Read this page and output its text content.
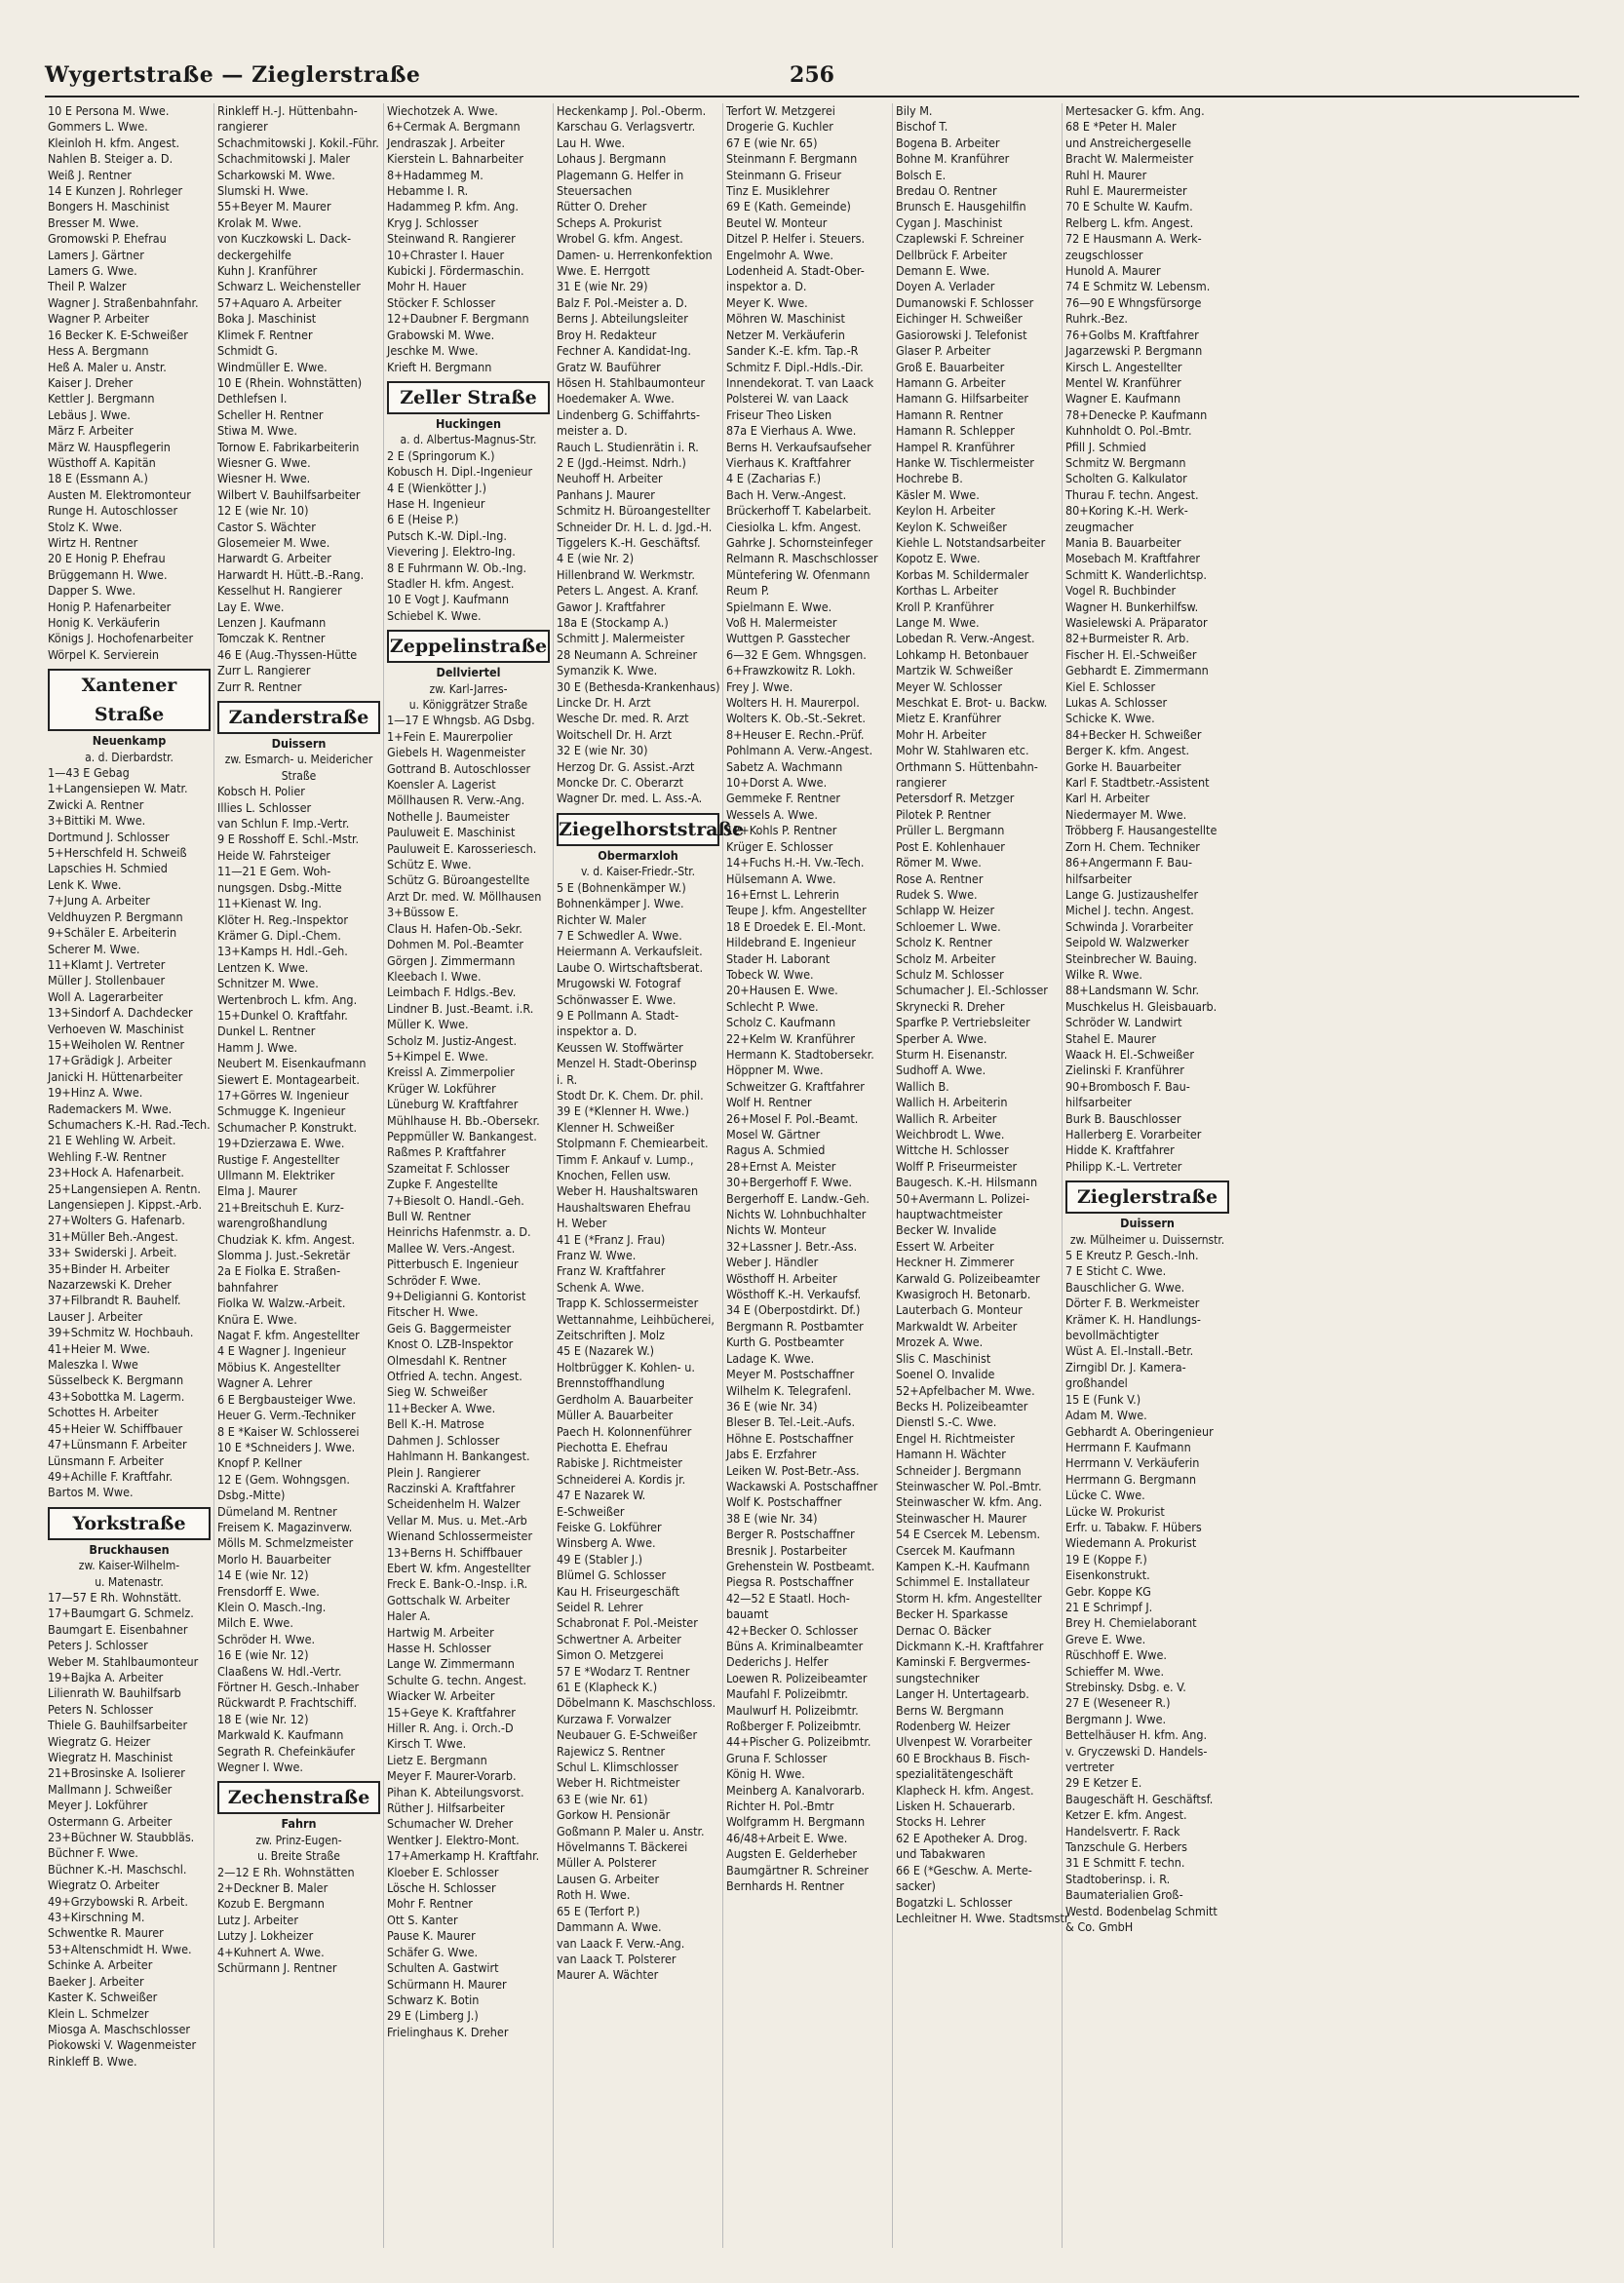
Wygertstraße — Zieglerstraße	256
10 E Persona M. Wwe.
Gommers L. Wwe.
Kleinloh H. kfm. Angest.
Nahlen B. Steiger a. D.
Weiß J. Rentner
14 E Kunzen J. Rohrleger
Bongers H. Maschinist
Bresser M. Wwe.
Gromowski P. Ehefrau
Lamers J. Gärtner
Lamers G. Wwe.
Theil P. Walzer
Wagner J. Straßenbahnfahr.
Wagner P. Arbeiter
16 Becker K. E-Schweißer
Hess A. Bergmann
Heß A. Maler u. Anstr.
Kaiser J. Dreher
Kettler J. Bergmann
Lebäus J. Wwe.
März F. Arbeiter
März W. Hauspflegerin
Wüsthoff A. Kapitän
18 E (Essmann A.)
Austen M. Elektromonteur
Runge H. Autoschlosser
Stolz K. Wwe.
Wirtz H. Rentner
20 E Honig P. Ehefrau
Brüggemann H. Wwe.
Dapper S. Wwe.
Honig P. Hafenarbeiter
Honig K. Verkäuferin
Königs J. Hochofenarbeiter
Wörpel K. Servierein
Xantener Straße
Neuenkamp
a. d. Dierbardstr.
1—43 E Gebag
1+Langensiepen W. Matr.
Zwicki A. Rentner
3+Bittiki M. Wwe.
Dortmund J. Schlosser
5+Herschfeld H. Schweiß
Lapschies H. Schmied
Lenk K. Wwe.
7+Jung A. Arbeiter
Veldhuyzen P. Bergmann
9+Schäler E. Arbeiterin
Scherer M. Wwe.
11+Klamt J. Vertreter
Müller J. Stollenbauer
Woll A. Lagerarbeiter
13+Sindorf A. Dachdecker
Verhoeven W. Maschinist
15+Weiholen W. Rentner
17+Grädigk J. Arbeiter
Janicki H. Hüttenarbeiter
19+Hinz A. Wwe.
Rademackers M. Wwe.
Schumachers K.-H. Rad.-Tech.
21 E Wehling W. Arbeit.
Wehling F.-W. Rentner
23+Hock A. Hafenarbeit.
25+Langensiepen A. Rentn.
Langensiepen J. Kippst.-Arb.
27+Wolters G. Hafenarb.
31+Müller Beh.-Angest.
33+ Swiderski J. Arbeit.
35+Binder H. Arbeiter
Nazarzewski K. Dreher
37+Filbrandt R. Bauhelf.
Lauser J. Arbeiter
39+Schmitz W. Hochbauh.
41+Heier M. Wwe.
Maleszka I. Wwe
Süsselbeck K. Bergmann
43+Sobottka M. Lagerm.
Schottes H. Arbeiter
45+Heier W. Schiffbauer
47+Lünsmann F. Arbeiter
Lünsmann F. Arbeiter
49+Achille F. Kraftfahr.
Bartos M. Wwe.
Yorkstraße
Bruckhausen
zw. Kaiser-Wilhelm-
u. Matenastr.
17—57 E Rh. Wohnstätt.
17+Baumgart G. Schmelz.
Baumgart E. Eisenbahner
Peters J. Schlosser
Weber M. Stahlbaumonteur
19+Bajka A. Arbeiter
Lilienrath W. Bauhilfsarb
Peters N. Schlosser
Thiele G. Bauhilfsarbeiter
Wiegratz G. Heizer
Wiegratz H. Maschinist
21+Brosinske A. Isolierer
Mallmann J. Schweißer
Meyer J. Lokführer
Ostermann G. Arbeiter
23+Büchner W. Staubbläs.
Büchner F. Wwe.
Büchner K.-H. Maschschl.
Wiegratz O. Arbeiter
49+Grzybowski R. Arbeit.
43+Kirschning M.
Schwentke R. Maurer
53+Altenschmidt H. Wwe.
Schinke A. Arbeiter
Baeker J. Arbeiter
Kaster K. Schweißer
Klein L. Schmelzer
Miosga A. Maschschlosser
Piokowski V. Wagenmeister
Rinkleff B. Wwe.
Rinkleff H.-J. Hüttenbahn-
rangierer
Schachmitowski J. Kokil.-Führ.
Schachmitowski J. Maler
Scharkowski M. Wwe.
Slumski H. Wwe.
55+Beyer M. Maurer
Krolak M. Wwe.
von Kuczkowski L. Dack-
deckergehilfe
Kuhn J. Kranführer
Schwarz L. Weichensteller
57+Aquaro A. Arbeiter
Boka J. Maschinist
Klimek F. Rentner
Schmidt G.
Windmüller E. Wwe.
10 E (Rhein. Wohnstätten)
Dethlefsen I.
Scheller H. Rentner
Stiwa M. Wwe.
Tornow E. Fabrikarbeiterin
Wiesner G. Wwe.
Wiesner H. Wwe.
Wilbert V. Bauhilfsarbeiter
12 E (wie Nr. 10)
Castor S. Wächter
Glosemeier M. Wwe.
Harwardt G. Arbeiter
Harwardt H. Hütt.-B.-Rang.
Kesselhut H. Rangierer
Lay E. Wwe.
Lenzen J. Kaufmann
Tomczak K. Rentner
46 E (Aug.-Thyssen-Hütte
Zurr L. Rangierer
Zurr R. Rentner
Zanderstraße
Duissern
zw. Esmarch- u. Meidericher
Straße
Kobsch H. Polier
Illies L. Schlosser
van Schlun F. Imp.-Vertr.
9 E Rosshoff E. Schl.-Mstr.
Heide W. Fahrsteiger
11—21 E Gem. Woh-
nungsgen. Dsbg.-Mitte
11+Kienast W. Ing.
Klöter H. Reg.-Inspektor
Krämer G. Dipl.-Chem.
13+Kamps H. Hdl.-Geh.
Lentzen K. Wwe.
Schnitzer M. Wwe.
Wertenbroch L. kfm. Ang.
15+Dunkel O. Kraftfahr.
Dunkel L. Rentner
Hamm J. Wwe.
Neubert M. Eisenkaufmann
Siewert E. Montagearbeit.
17+Görres W. Ingenieur
Schmugge K. Ingenieur
Schumacher P. Konstrukt.
19+Dzierzawa E. Wwe.
Rustige F. Angestellter
Ullmann M. Elektriker
Elma J. Maurer
21+Breitschuh E. Kurz-
warengroßhandlung
Chudziak K. kfm. Angest.
Slomma J. Just.-Sekretär
2a E Fiolka E. Straßen-
bahnfahrer
Fiolka W. Walzw.-Arbeit.
Knüra E. Wwe.
Nagat F. kfm. Angestellter
4 E Wagner J. Ingenieur
Möbius K. Angestellter
Wagner A. Lehrer
6 E Bergbausteiger Wwe.
Heuer G. Verm.-Techniker
8 E *Kaiser W. Schlosserei
10 E *Schneiders J. Wwe.
Knopf P. Kellner
12 E (Gem. Wohngsgen.
Dsbg.-Mitte)
Dümeland M. Rentner
Freisem K. Magazinverw.
Mölls M. Schmelzmeister
Morlo H. Bauarbeiter
14 E (wie Nr. 12)
Frensdorff E. Wwe.
Klein O. Masch.-Ing.
Milch E. Wwe.
Schröder H. Wwe.
16 E (wie Nr. 12)
Claaßens W. Hdl.-Vertr.
Förtner H. Gesch.-Inhaber
Rückwardt P. Frachtschiff.
18 E (wie Nr. 12)
Markwald K. Kaufmann
Segrath R. Chefeinkäufer
Wegner I. Wwe.
Zechenstraße
Fahrn
zw. Prinz-Eugen-
u. Breite Straße
2—12 E Rh. Wohnstätten
2+Deckner B. Maler
Kozub E. Bergmann
Lutz J. Arbeiter
Lutzy J. Lokheizer
4+Kuhnert A. Wwe.
Schürmann J. Rentner
Wiechotzek A. Wwe.
6+Cermak A. Bergmann
Jendraszak J. Arbeiter
Kierstein L. Bahnarbeiter
8+Hadammeg M.
Hebamme I. R.
Hadammeg P. kfm. Ang.
Kryg J. Schlosser
Steinwand R. Rangierer
10+Chraster I. Hauer
Kubicki J. Fördermaschin.
Mohr H. Hauer
Stöcker F. Schlosser
12+Daubner F. Bergmann
Grabowski M. Wwe.
Jeschke M. Wwe.
Krieft H. Bergmann
Zeller Straße
Huckingen
a. d. Albertus-Magnus-Str.
2 E (Springorum K.)
Kobusch H. Dipl.-Ingenieur
4 E (Wienkötter J.)
Hase H. Ingenieur
6 E (Heise P.)
Putsch K.-W. Dipl.-Ing.
Vievering J. Elektro-Ing.
8 E Fuhrmann W. Ob.-Ing.
Stadler H. kfm. Angest.
10 E Vogt J. Kaufmann
Schiebel K. Wwe.
Zeppelinstraße
Dellviertel
zw. Karl-Jarres-
u. Königgrätzer Straße
1—17 E Whngsb. AG Dsbg.
1+Fein E. Maurerpolier
Giebels H. Wagenmeister
Gottrand B. Autoschlosser
Koensler A. Lagerist
Möllhausen R. Verw.-Ang.
Nothelle J. Baumeister
Pauluweit E. Maschinist
Pauluweit E. Karosseriesch.
Schütz E. Wwe.
Schütz G. Büroangestellte
Arzt Dr. med. W. Möllhausen
3+Büssow E.
Claus H. Hafen-Ob.-Sekr.
Dohmen M. Pol.-Beamter
Görgen J. Zimmermann
Kleebach I. Wwe.
Leimbach F. Hdlgs.-Bev.
Lindner B. Just.-Beamt. i.R.
Müller K. Wwe.
Scholz M. Justiz-Angest.
5+Kimpel E. Wwe.
Kreissl A. Zimmerpolier
Krüger W. Lokführer
Lüneburg W. Kraftfahrer
Mühlhause H. Bb.-Obersekr.
Peppmüller W. Bankangest.
Raßmes P. Kraftfahrer
Szameitat F. Schlosser
Zupke F. Angestellte
7+Biesolt O. Handl.-Geh.
Bull W. Rentner
Heinrichs Hafenmstr. a. D.
Mallee W. Vers.-Angest.
Pitterbusch E. Ingenieur
Schröder F. Wwe.
9+Deligianni G. Kontorist
Fitscher H. Wwe.
Geis G. Baggermeister
Knost O. LZB-Inspektor
Olmesdahl K. Rentner
Otfried A. techn. Angest.
Sieg W. Schweißer
11+Becker A. Wwe.
Bell K.-H. Matrose
Dahmen J. Schlosser
Hahlmann H. Bankangest.
Plein J. Rangierer
Raczinski A. Kraftfahrer
Scheidenhelm H. Walzer
Vellar M. Mus. u. Met.-Arb
Wienand Schlossermeister
13+Berns H. Schiffbauer
Ebert W. kfm. Angestellter
Freck E. Bank-O.-Insp. i.R.
Gottschalk W. Arbeiter
Haler A.
Hartwig M. Arbeiter
Hasse H. Schlosser
Lange W. Zimmermann
Schulte G. techn. Angest.
Wiacker W. Arbeiter
15+Geye K. Kraftfahrer
Hiller R. Ang. i. Orch.-D
Kirsch T. Wwe.
Lietz E. Bergmann
Meyer F. Maurer-Vorarb.
Pihan K. Abteilungsvorst.
Rüther J. Hilfsarbeiter
Schumacher W. Dreher
Wentker J. Elektro-Mont.
17+Amerkamp H. Kraftfahr.
Kloeber E. Schlosser
Lösche H. Schlosser
Mohr F. Rentner
Ott S. Kanter
Pause K. Maurer
Schäfer G. Wwe.
Schulten A. Gastwirt
Schürmann H. Maurer
Schwarz K. Botin
29 E (Limberg J.)
Frielinghaus K. Dreher
Heckenkamp J. Pol.-Oberm.
Karschau G. Verlagsvertr.
Lau H. Wwe.
Lohaus J. Bergmann
Plagemann G. Helfer in
Steuersachen
Rütter O. Dreher
Scheps A. Prokurist
Wrobel G. kfm. Angest.
Damen- u. Herrenkonfektion
Wwe. E. Herrgott
31 E (wie Nr. 29)
Balz F. Pol.-Meister a. D.
Berns J. Abteilungsleiter
Broy H. Redakteur
Fechner A. Kandidat-Ing.
Gratz W. Bauführer
Hösen H. Stahlbaumonteur
Hoedemaker A. Wwe.
Lindenberg G. Schiffahrts-
meister a. D.
Rauch L. Studienrätin i. R.
2 E (Jgd.-Heimst. Ndrh.)
Neuhoff H. Arbeiter
Panhans J. Maurer
Schmitz H. Büroangestellter
Schneider Dr. H. L. d. Jgd.-H.
Tiggelers K.-H. Geschäftsf.
4 E (wie Nr. 2)
Hillenbrand W. Werkmstr.
Peters L. Angest. A. Kranf.
Gawor J. Kraftfahrer
18a E (Stockamp A.)
Schmitt J. Malermeister
28 Neumann A. Schreiner
Symanzik K. Wwe.
30 E (Bethesda-Krankenhaus)
Lincke Dr. H. Arzt
Wesche Dr. med. R. Arzt
Woitschell Dr. H. Arzt
32 E (wie Nr. 30)
Herzog Dr. G. Assist.-Arzt
Moncke Dr. C. Oberarzt
Wagner Dr. med. L. Ass.-A.
Ziegelhorststraße
Obermarxloh
v. d. Kaiser-Friedr.-Str.
5 E (Bohnenkämper W.)
Bohnenkämper J. Wwe.
Richter W. Maler
7 E Schwedler A. Wwe.
Heiermann A. Verkaufsleit.
Laube O. Wirtschaftsberat.
Mrugowski W. Fotograf
Schönwasser E. Wwe.
9 E Pollmann A. Stadt-
inspektor a. D.
Keussen W. Stoffwärter
Menzel H. Stadt-Oberinsp
i. R.
Stodt Dr. K. Chem. Dr. phil.
39 E (*Klenner H. Wwe.)
Klenner H. Schweißer
Stolpmann F. Chemiearbeit.
Timm F. Ankauf v. Lump.,
Knochen, Fellen usw.
Weber H. Haushaltswaren
Haushaltswaren Ehefrau
H. Weber
41 E (*Franz J. Frau)
Franz W. Wwe.
Franz W. Kraftfahrer
Schenk A. Wwe.
Trapp K. Schlossermeister
Wettannahme, Leihbücherei,
Zeitschriften J. Molz
45 E (Nazarek W.)
Holtbrügger K. Kohlen- u.
Brennstoffhandlung
Gerdholm A. Bauarbeiter
Müller A. Bauarbeiter
Paech H. Kolonnenführer
Piechotta E. Ehefrau
Rabiske J. Richtmeister
Schneiderei A. Kordis jr.
47 E Nazarek W.
E-Schweißer
Feiske G. Lokführer
Winsberg A. Wwe.
49 E (Stabler J.)
Blümel G. Schlosser
Kau H. Friseurgeschäft
Seidel R. Lehrer
Schabronat F. Pol.-Meister
Schwertner A. Arbeiter
Simon O. Metzgerei
57 E *Wodarz T. Rentner
61 E (Klapheck K.)
Döbelmann K. Maschschloss.
Kurzawa F. Vorwalzer
Neubauer G. E-Schweißer
Rajewicz S. Rentner
Schul L. Klimschlosser
Weber H. Richtmeister
63 E (wie Nr. 61)
Gorkow H. Pensionär
Goßmann P. Maler u. Anstr.
Hövelmanns T. Bäckerei
Müller A. Polsterer
Lausen G. Arbeiter
Roth H. Wwe.
65 E (Terfort P.)
Dammann A. Wwe.
van Laack F. Verw.-Ang.
van Laack T. Polsterer
Maurer A. Wächter
Terfort W. Metzgerei
Drogerie G. Kuchler
67 E (wie Nr. 65)
Steinmann F. Bergmann
Steinmann G. Friseur
Tinz E. Musiklehrer
69 E (Kath. Gemeinde)
Beutel W. Monteur
Ditzel P. Helfer i. Steuers.
Engelmohr A. Wwe.
Lodenheid A. Stadt-Ober-
inspektor a. D.
Meyer K. Wwe.
Möhren W. Maschinist
Netzer M. Verkäuferin
Sander K.-E. kfm. Tap.-R
Schmitz F. Dipl.-Hdls.-Dir.
Innendekorat. T. van Laack
Polsterei W. van Laack
Friseur Theo Lisken
87a E Vierhaus A. Wwe.
Berns H. Verkaufsaufseher
Vierhaus K. Kraftfahrer
4 E (Zacharias F.)
Bach H. Verw.-Angest.
Brückerhoff T. Kabelarbeit.
Ciesiolka L. kfm. Angest.
Gahrke J. Schornsteinfeger
Relmann R. Maschschlosser
Müntefering W. Ofenmann
Reum P.
Spielmann E. Wwe.
Voß H. Malermeister
Wuttgen P. Gasstecher
6—32 E Gem. Whngsgen.
6+Frawzkowitz R. Lokh.
Frey J. Wwe.
Wolters H. H. Maurerpol.
Wolters K. Ob.-St.-Sekret.
8+Heuser E. Rechn.-Prüf.
Pohlmann A. Verw.-Angest.
Sabetz A. Wachmann
10+Dorst A. Wwe.
Gemmeke F. Rentner
Wessels A. Wwe.
12+Kohls P. Rentner
Krüger E. Schlosser
14+Fuchs H.-H. Vw.-Tech.
Hülsemann A. Wwe.
16+Ernst L. Lehrerin
Teupe J. kfm. Angestellter
18 E Droedek E. El.-Mont.
Hildebrand E. Ingenieur
Stader H. Laborant
Tobeck W. Wwe.
20+Hausen E. Wwe.
Schlecht P. Wwe.
Scholz C. Kaufmann
22+Kelm W. Kranführer
Hermann K. Stadtobersekr.
Höppner M. Wwe.
Schweitzer G. Kraftfahrer
Wolf H. Rentner
26+Mosel F. Pol.-Beamt.
Mosel W. Gärtner
Ragus A. Schmied
28+Ernst A. Meister
30+Bergerhoff F. Wwe.
Bergerhoff E. Landw.-Geh.
Nichts W. Lohnbuchhalter
Nichts W. Monteur
32+Lassner J. Betr.-Ass.
Weber J. Händler
Wösthoff H. Arbeiter
Wösthoff K.-H. Verkaufsf.
34 E (Oberpostdirkt. Df.)
Bergmann R. Postbamter
Kurth G. Postbeamter
Ladage K. Wwe.
Meyer M. Postschaffner
Wilhelm K. Telegrafenl.
36 E (wie Nr. 34)
Bleser B. Tel.-Leit.-Aufs.
Höhne E. Postschaffner
Jabs E. Erzfahrer
Leiken W. Post-Betr.-Ass.
Wackawski A. Postschaffner
Wolf K. Postschaffner
38 E (wie Nr. 34)
Berger R. Postschaffner
Bresnik J. Postarbeiter
Grehenstein W. Postbeamt.
Piegsa R. Postschaffner
42—52 E Staatl. Hoch-
bauamt
42+Becker O. Schlosser
Büns A. Kriminalbeamter
Dederichs J. Helfer
Loewen R. Polizeibeamter
Maufahl F. Polizeibmtr.
Maulwurf H. Polizeibmtr.
Roßberger F. Polizeibmtr.
44+Pischer G. Polizeibmtr.
Gruna F. Schlosser
König H. Wwe.
Meinberg A. Kanalvorarb.
Richter H. Pol.-Bmtr
Wolfgramm H. Bergmann
46/48+Arbeit E. Wwe.
Augsten E. Gelderheber
Baumgärtner R. Schreiner
Bernhards H. Rentner
Bily M.
Bischof T.
Bogena B. Arbeiter
Bohne M. Kranführer
Bolsch E.
Bredau O. Rentner
Brunsch E. Hausgehilfin
Cygan J. Maschinist
Czaplewski F. Schreiner
Dellbrück F. Arbeiter
Demann E. Wwe.
Doyen A. Verlader
Dumanowski F. Schlosser
Eichinger H. Schweißer
Gasiorowski J. Telefonist
Glaser P. Arbeiter
Groß E. Bauarbeiter
Hamann G. Arbeiter
Hamann G. Hilfsarbeiter
Hamann R. Rentner
Hamann R. Schlepper
Hampel R. Kranführer
Hanke W. Tischlermeister
Hochrebe B.
Käsler M. Wwe.
Keylon H. Arbeiter
Keylon K. Schweißer
Kiehle L. Notstandsarbeiter
Kopotz E. Wwe.
Korbas M. Schildermaler
Korthas L. Arbeiter
Kroll P. Kranführer
Lange M. Wwe.
Lobedan R. Verw.-Angest.
Lohkamp H. Betonbauer
Martzik W. Schweißer
Meyer W. Schlosser
Meschkat E. Brot- u. Backw.
Mietz E. Kranführer
Mohr H. Arbeiter
Mohr W. Stahlwaren etc.
Orthmann S. Hüttenbahn-
rangierer
Petersdorf R. Metzger
Pilotek P. Rentner
Prüller L. Bergmann
Post E. Kohlenhauer
Römer M. Wwe.
Rose A. Rentner
Rudek S. Wwe.
Schlapp W. Heizer
Schloemer L. Wwe.
Scholz K. Rentner
Scholz M. Arbeiter
Schulz M. Schlosser
Schumacher J. El.-Schlosser
Skrynecki R. Dreher
Sparfke P. Vertriebsleiter
Sperber A. Wwe.
Sturm H. Eisenanstr.
Sudhoff A. Wwe.
Wallich B.
Wallich H. Arbeiterin
Wallich R. Arbeiter
Weichbrodt L. Wwe.
Wittche H. Schlosser
Wolff P. Friseurmeister
Baugesch. K.-H. Hilsmann
50+Avermann L. Polizei-
hauptwachtmeister
Becker W. Invalide
Essert W. Arbeiter
Heckner H. Zimmerer
Karwald G. Polizeibeamter
Kwasigroch H. Betonarb.
Lauterbach G. Monteur
Markwaldt W. Arbeiter
Mrozek A. Wwe.
Slis C. Maschinist
Soenel O. Invalide
52+Apfelbacher M. Wwe.
Becks H. Polizeibeamter
Dienstl S.-C. Wwe.
Engel H. Richtmeister
Hamann H. Wächter
Schneider J. Bergmann
Steinwascher W. Pol.-Bmtr.
Steinwascher W. kfm. Ang.
Steinwascher H. Maurer
54 E Csercek M. Lebensm.
Csercek M. Kaufmann
Kampen K.-H. Kaufmann
Schimmel E. Installateur
Storm H. kfm. Angestellter
Becker H. Sparkasse
Dernac O. Bäcker
Dickmann K.-H. Kraftfahrer
Kaminski F. Bergvermes-
sungstechniker
Langer H. Untertagearb.
Berns W. Bergmann
Rodenberg W. Heizer
Ulvenpest W. Vorarbeiter
60 E Brockhaus B. Fisch-
spezialitätengeschäft
Klapheck H. kfm. Angest.
Lisken H. Schauerarb.
Stocks H. Lehrer
62 E Apotheker A. Drog.
und Tabakwaren
66 E (*Geschw. A. Merte-
sacker)
Bogatzki L. Schlosser
Lechleitner H. Wwe. Stadtsmstr
Mertesacker G. kfm. Ang.
68 E *Peter H. Maler
und Anstreichergeselle
Bracht W. Malermeister
Ruhl H. Maurer
Ruhl E. Maurermeister
70 E Schulte W. Kaufm.
Relberg L. kfm. Angest.
72 E Hausmann A. Werk-
zeugschlosser
Hunold A. Maurer
74 E Schmitz W. Lebensm.
76—90 E Whngsfürsorge
Ruhrk.-Bez.
76+Golbs M. Kraftfahrer
Jagarzewski P. Bergmann
Kirsch L. Angestellter
Mentel W. Kranführer
Wagner E. Kaufmann
78+Denecke P. Kaufmann
Kuhnholdt O. Pol.-Bmtr.
Pfill J. Schmied
Schmitz W. Bergmann
Scholten G. Kalkulator
Thurau F. techn. Angest.
80+Koring K.-H. Werk-
zeugmacher
Mania B. Bauarbeiter
Mosebach M. Kraftfahrer
Schmitt K. Wanderlichtsp.
Vogel R. Buchbinder
Wagner H. Bunkerhilfsw.
Wasielewski A. Präparator
82+Burmeister R. Arb.
Fischer H. El.-Schweißer
Gebhardt E. Zimmermann
Kiel E. Schlosser
Lukas A. Schlosser
Schicke K. Wwe.
84+Becker H. Schweißer
Berger K. kfm. Angest.
Gorke H. Bauarbeiter
Karl F. Stadtbetr.-Assistent
Karl H. Arbeiter
Niedermayer M. Wwe.
Tröbberg F. Hausangestellte
Zorn H. Chem. Techniker
86+Angermann F. Bau-
hilfsarbeiter
Lange G. Justizaushelfer
Michel J. techn. Angest.
Schwinda J. Vorarbeiter
Seipold W. Walzwerker
Steinbrecher W. Bauing.
Wilke R. Wwe.
88+Landsmann W. Schr.
Muschkelus H. Gleisbauarb.
Schröder W. Landwirt
Stahel E. Maurer
Waack H. El.-Schweißer
Zielinski F. Kranführer
90+Brombosch F. Bau-
hilfsarbeiter
Burk B. Bauschlosser
Hallerberg E. Vorarbeiter
Hidde K. Kraftfahrer
Philipp K.-L. Vertreter
Zieglerstraße
Duissern
zw. Mülheimer u. Duissernstr.
5 E Kreutz P. Gesch.-Inh.
7 E Sticht C. Wwe.
Bauschlicher G. Wwe.
Dörter F. B. Werkmeister
Krämer K. H. Handlungs-
bevollmächtigter
Wüst A. El.-Install.-Betr.
Zirngibl Dr. J. Kamera-
großhandel
15 E (Funk V.)
Adam M. Wwe.
Gebhardt A. Oberingenieur
Herrmann F. Kaufmann
Herrmann V. Verkäuferin
Herrmann G. Bergmann
Lücke C. Wwe.
Lücke W. Prokurist
Erfr. u. Tabakw. F. Hübers
Wiedemann A. Prokurist
19 E (Koppe F.)
Eisenkonstrukt.
Gebr. Koppe KG
21 E Schrimpf J.
Brey H. Chemielaborant
Greve E. Wwe.
Rüschhoff E. Wwe.
Schieffer M. Wwe.
Strebinsky. Dsbg. e. V.
27 E (Weseneer R.)
Bergmann J. Wwe.
Bettelhäuser H. kfm. Ang.
v. Gryczewski D. Handels-
vertreter
29 E Ketzer E.
Baugeschäft H. Geschäftsf.
Ketzer E. kfm. Angest.
Handelsvertr. F. Rack
Tanzschule G. Herbers
31 E Schmitt F. techn.
Stadtoberinsp. i. R.
Baumaterialien Groß-
Westd. Bodenbelag Schmitt
& Co. GmbH
